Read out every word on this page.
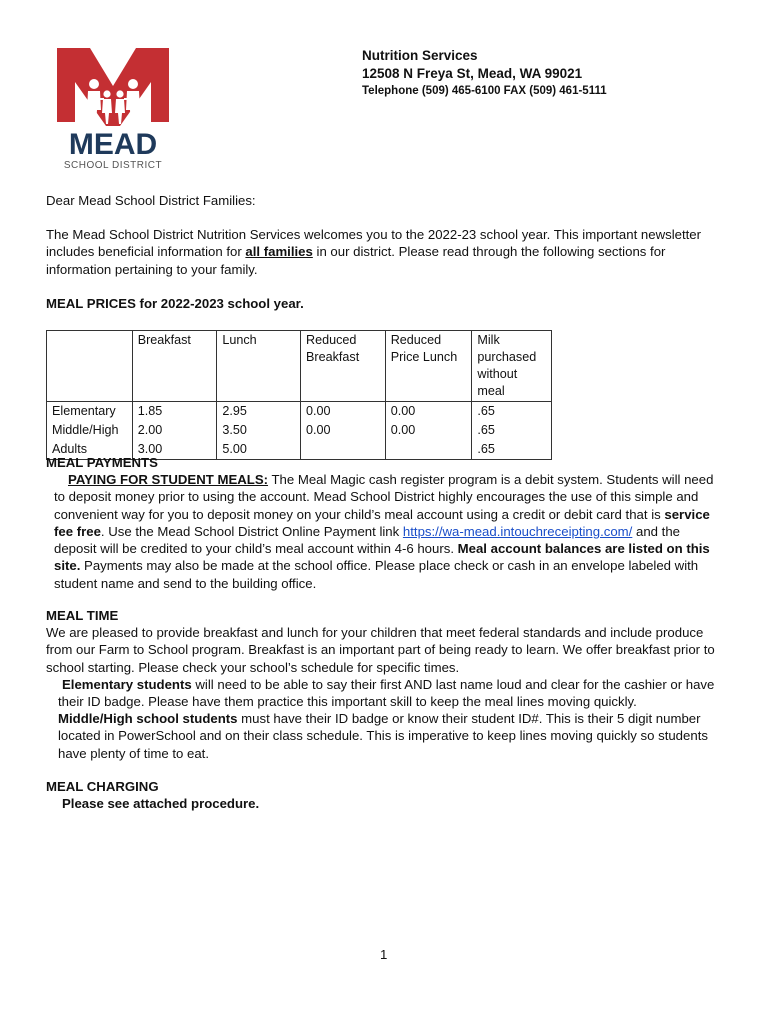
MEAD
SCHOOL DISTRICT
Nutrition Services
12508 N Freya St, Mead, WA 99021
Telephone (509) 465-6100 FAX (509) 461-5111
Dear Mead School District Families:
The Mead School District Nutrition Services welcomes you to the 2022-23 school year. This important newsletter includes beneficial information for all families in our district. Please read through the following sections for information pertaining to your family.
MEAL PRICES for 2022-2023 school year.
	Breakfast	Lunch	Reduced Breakfast	Reduced Price Lunch	Milk purchased without meal
Elementary	1.85	2.95	0.00	0.00	.65
Middle/High	2.00	3.50	0.00	0.00	.65
Adults	3.00	5.00			.65
MEAL PAYMENTS
PAYING FOR STUDENT MEALS: The Meal Magic cash register program is a debit system. Students will need to deposit money prior to using the account. Mead School District highly encourages the use of this simple and convenient way for you to deposit money on your child’s meal account using a credit or debit card that is service fee free. Use the Mead School District Online Payment link https://wa-mead.intouchreceipting.com/ and the deposit will be credited to your child’s meal account within 4-6 hours. Meal account balances are listed on this site. Payments may also be made at the school office. Please place check or cash in an envelope labeled with student name and send to the building office.
MEAL TIME
We are pleased to provide breakfast and lunch for your children that meet federal standards and include produce from our Farm to School program. Breakfast is an important part of being ready to learn. We offer breakfast prior to school starting. Please check your school’s schedule for specific times.
Elementary students will need to be able to say their first AND last name loud and clear for the cashier or have their ID badge. Please have them practice this important skill to keep the meal lines moving quickly.
Middle/High school students must have their ID badge or know their student ID#. This is their 5 digit number located in PowerSchool and on their class schedule. This is imperative to keep lines moving quickly so students have plenty of time to eat.
MEAL CHARGING
Please see attached procedure.
1
